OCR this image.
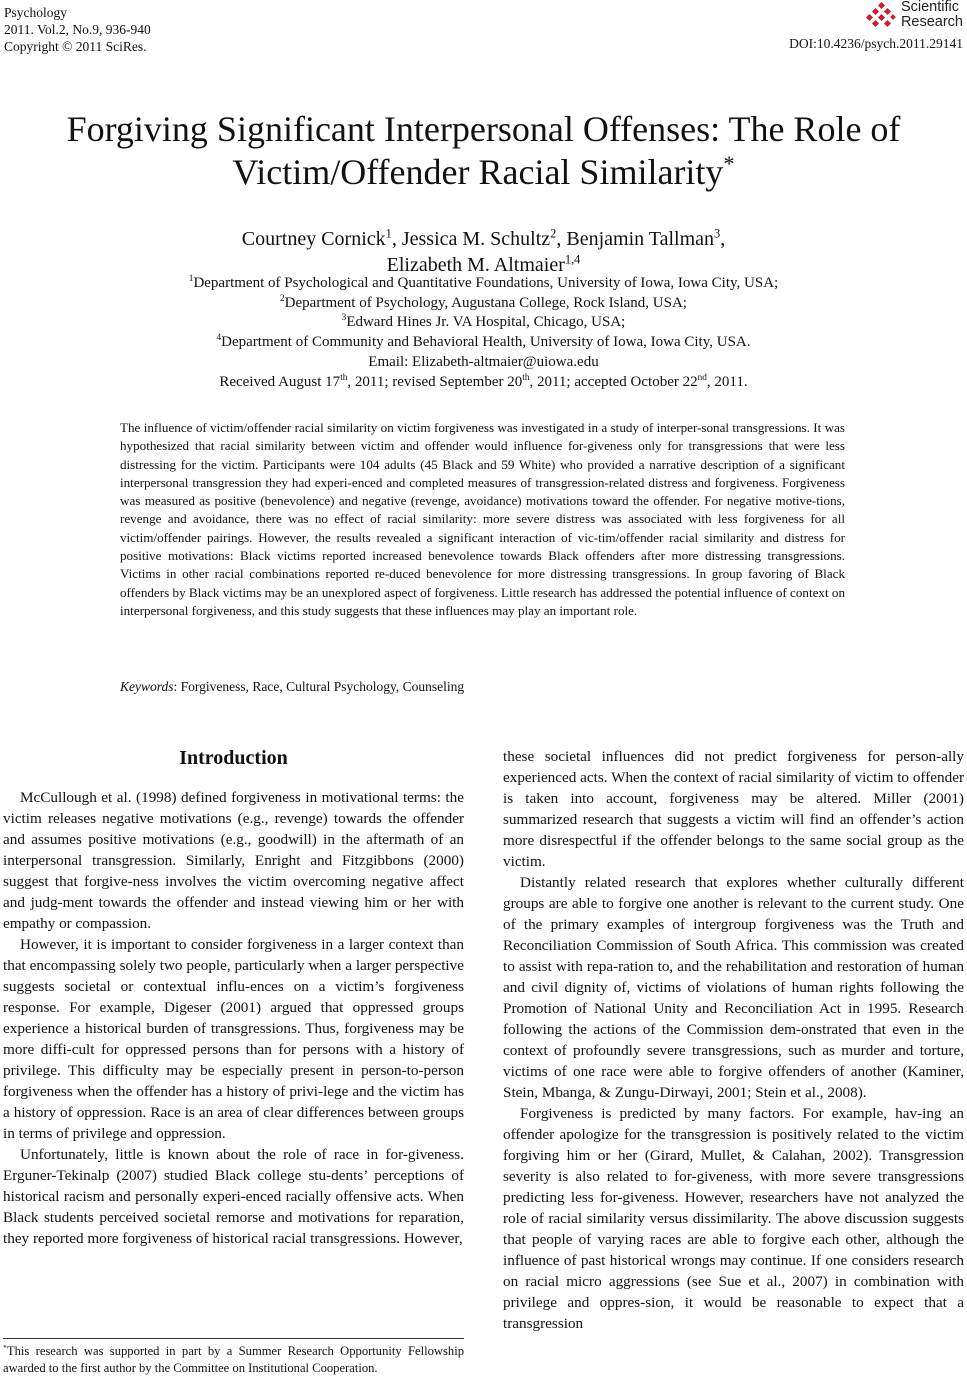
Psychology
2011. Vol.2, No.9, 936-940
Copyright © 2011 SciRes.
Scientific
Research
DOI:10.4236/psych.2011.29141
Forgiving Significant Interpersonal Offenses: The Role of
Victim/Offender Racial Similarity*
Courtney Cornick$^1$, Jessica M. Schultz$^2$, Benjamin Tallman$^3$,
Elizabeth M. Altmaier$^{1,4}$
$^1$Department of Psychological and Quantitative Foundations, University of Iowa, Iowa City, USA;
$^2$Department of Psychology, Augustana College, Rock Island, USA;
$^3$Edward Hines Jr. VA Hospital, Chicago, USA;
$^4$Department of Community and Behavioral Health, University of Iowa, Iowa City, USA.
Email: Elizabeth-altmaier@uiowa.edu
Received August 17th, 2011; revised September 20th, 2011; accepted October 22nd, 2011.
The influence of victim/offender racial similarity on victim forgiveness was investigated in a study of interper-sonal transgressions. It was hypothesized that racial similarity between victim and offender would influence for-giveness only for transgressions that were less distressing for the victim. Participants were 104 adults (45 Black and 59 White) who provided a narrative description of a significant interpersonal transgression they had experi-enced and completed measures of transgression-related distress and forgiveness. Forgiveness was measured as positive (benevolence) and negative (revenge, avoidance) motivations toward the offender. For negative motive-tions, revenge and avoidance, there was no effect of racial similarity: more severe distress was associated with less forgiveness for all victim/offender pairings. However, the results revealed a significant interaction of vic-tim/offender racial similarity and distress for positive motivations: Black victims reported increased benevolence towards Black offenders after more distressing transgressions. Victims in other racial combinations reported re-duced benevolence for more distressing transgressions. In group favoring of Black offenders by Black victims may be an unexplored aspect of forgiveness. Little research has addressed the potential influence of context on interpersonal forgiveness, and this study suggests that these influences may play an important role.
Keywords: Forgiveness, Race, Cultural Psychology, Counseling
Introduction

McCullough et al. (1998) defined forgiveness in motivational terms: the victim releases negative motivations (e.g., revenge) towards the offender and assumes positive motivations (e.g., goodwill) in the aftermath of an interpersonal transgression. Similarly, Enright and Fitzgibbons (2000) suggest that forgive-ness involves the victim overcoming negative affect and judg-ment towards the offender and instead viewing him or her with empathy or compassion.

However, it is important to consider forgiveness in a larger context than that encompassing solely two people, particularly when a larger perspective suggests societal or contextual influ-ences on a victim’s forgiveness response. For example, Digeser (2001) argued that oppressed groups experience a historical burden of transgressions. Thus, forgiveness may be more diffi-cult for oppressed persons than for persons with a history of privilege. This difficulty may be especially present in person-to-person forgiveness when the offender has a history of privi-lege and the victim has a history of oppression. Race is an area of clear differences between groups in terms of privilege and oppression.

Unfortunately, little is known about the role of race in for-giveness. Erguner-Tekinalp (2007) studied Black college stu-dents’ perceptions of historical racism and personally experi-enced racially offensive acts. When Black students perceived societal remorse and motivations for reparation, they reported more forgiveness of historical racial transgressions. However,

these societal influences did not predict forgiveness for person-ally experienced acts. When the context of racial similarity of victim to offender is taken into account, forgiveness may be altered. Miller (2001) summarized research that suggests a victim will find an offender’s action more disrespectful if the offender belongs to the same social group as the victim.

Distantly related research that explores whether culturally different groups are able to forgive one another is relevant to the current study. One of the primary examples of intergroup forgiveness was the Truth and Reconciliation Commission of South Africa. This commission was created to assist with repa-ration to, and the rehabilitation and restoration of human and civil dignity of, victims of violations of human rights following the Promotion of National Unity and Reconciliation Act in 1995. Research following the actions of the Commission dem-onstrated that even in the context of profoundly severe transgressions, such as murder and torture, victims of one race were able to forgive offenders of another (Kaminer, Stein, Mbanga, & Zungu-Dirwayi, 2001; Stein et al., 2008).

Forgiveness is predicted by many factors. For example, hav-ing an offender apologize for the transgression is positively related to the victim forgiving him or her (Girard, Mullet, & Calahan, 2002). Transgression severity is also related to for-giveness, with more severe transgressions predicting less for-giveness. However, researchers have not analyzed the role of racial similarity versus dissimilarity. The above discussion suggests that people of varying races are able to forgive each other, although the influence of past historical wrongs may continue. If one considers research on racial micro aggressions (see Sue et al., 2007) in combination with privilege and oppres-sion, it would be reasonable to expect that a transgression

*This research was supported in part by a Summer Research Opportunity Fellowship awarded to the first author by the Committee on Institutional Cooperation.
